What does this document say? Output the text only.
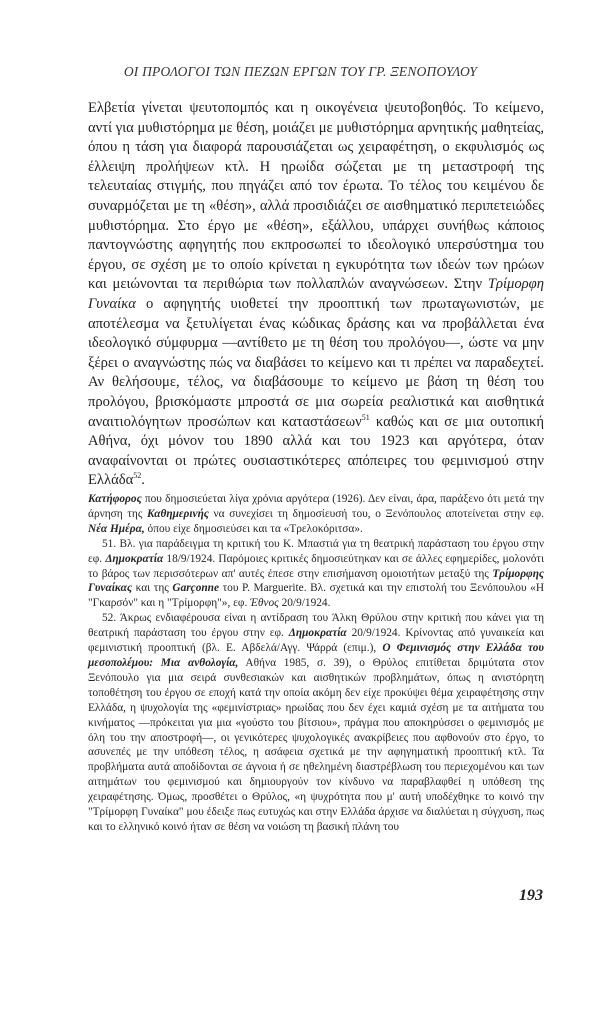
ΟΙ ΠΡΟΛΟΓΟΙ ΤΩΝ ΠΕΖΩΝ ΕΡΓΩΝ ΤΟΥ ΓΡ. ΞΕΝΟΠΟΥΛΟΥ

Ελβετία γίνεται ψευτοπομπός και η οικογένεια ψευτοβοηθός. Το κείμενο, αντί για μυθιστόρημα με θέση, μοιάζει με μυθιστόρημα αρνητικής μαθητείας, όπου η τάση για διαφορά παρουσιάζεται ως χειραφέτηση, ο εκφυλισμός ως έλλειψη προλήψεων κτλ. Η ηρωίδα σώζεται με τη μεταστροφή της τελευταίας στιγμής, που πηγάζει από τον έρωτα. Το τέλος του κειμένου δε συναρμόζεται με τη «θέση», αλλά προσιδιάζει σε αισθηματικό περιπετειώδες μυθιστόρημα. Στο έργο με «θέση», εξάλλου, υπάρχει συνήθως κάποιος παντογνώστης αφηγητής που εκπροσωπεί το ιδεολογικό υπερσύστημα του έργου, σε σχέση με το οποίο κρίνεται η εγκυρότητα των ιδεών των ηρώων και μειώνονται τα περιθώρια των πολλαπλών αναγνώσεων. Στην Τρίμορφη Γυναίκα ο αφηγητής υιοθετεί την προοπτική των πρωταγωνιστών, με αποτέλεσμα να ξετυλίγεται ένας κώδικας δράσης και να προβάλλεται ένα ιδεολογικό σύμφυρμα —αντίθετο με τη θέση του προλόγου—, ώστε να μην ξέρει ο αναγνώστης πώς να διαβάσει το κείμενο και τι πρέπει να παραδεχτεί. Αν θελήσουμε, τέλος, να διαβάσουμε το κείμενο με βάση τη θέση του προλόγου, βρισκόμαστε μπροστά σε μια σωρεία ρεαλιστικά και αισθητικά αναιτιολόγητων προσώπων και καταστάσεων$^{51}$ καθώς και σε μια ουτοπική Αθήνα, όχι μόνον του 1890 αλλά και του 1923 και αργότερα, όταν αναφαίνονται οι πρώτες ουσιαστικότερες απόπειρες του φεμινισμού στην Ελλάδα$^{52}$.

Κατήφορος που δημοσιεύεται λίγα χρόνια αργότερα (1926). Δεν είναι, άρα, παράξενο ότι μετά την άρνηση της Καθημερινής να συνεχίσει τη δημοσίευσή του, ο Ξενόπουλος αποτείνεται στην εφ. Νέα Ημέρα, όπου είχε δημοσιεύσει και τα «Τρελοκόριτσα».

51. Βλ. για παράδειγμα τη κριτική του Κ. Μπαστιά για τη θεατρική παράσταση του έργου στην εφ. Δημοκρατία 18/9/1924. Παρόμοιες κριτικές δημοσιεύτηκαν και σε άλλες εφημερίδες, μολονότι το βάρος των περισσότερων απ' αυτές έπεσε στην επισήμανση ομοιοτήτων μεταξύ της Τρίμορφης Γυναίκας και της Garçonne του P. Marguerite. Βλ. σχετικά και την επιστολή του Ξενόπουλου «Η "Γκαρσόν" και η "Τρίμορφη"», εφ. Έθνος 20/9/1924.

52. Άκρως ενδιαφέρουσα είναι η αντίδραση του Άλκη Θρύλου στην κριτική που κάνει για τη θεατρική παράσταση του έργου στην εφ. Δημοκρατία 20/9/1924. Κρίνοντας από γυναικεία και φεμινιστική προοπτική (βλ. Ε. Αβδελά/Αγγ. Ψάρρά (επιμ.), Ο Φεμινισμός στην Ελλάδα του μεσοπολέμου: Μια ανθολογία, Αθήνα 1985, σ. 39), ο Θρύλος επιτίθεται δριμύτατα στον Ξενόπουλο για μια σειρά συνθεσιακών και αισθητικών προβλημάτων, όπως η ανιστόρητη τοποθέτηση του έργου σε εποχή κατά την οποία ακόμη δεν είχε προκύψει θέμα χειραφέτησης στην Ελλάδα, η ψυχολογία της «φεμινίστριας» ηρωίδας που δεν έχει καμιά σχέση με τα αιτήματα του κινήματος —πρόκειται για μια «γούστο του βίτσιου», πράγμα που αποκηρύσσει ο φεμινισμός με όλη του την αποστροφή—, οι γενικότερες ψυχολογικές ανακρίβειες που αφθονούν στο έργο, το ασυνεπές με την υπόθεση τέλος, η ασάφεια σχετικά με την αφηγηματική προοπτική κτλ. Τα προβλήματα αυτά αποδίδονται σε άγνοια ή σε ηθελημένη διαστρέβλωση του περιεχομένου και των αιτημάτων του φεμινισμού και δημιουργούν τον κίνδυνο να παραβλαφθεί η υπόθεση της χειραφέτησης. Όμως, προσθέτει ο Θρύλος, «η ψυχρότητα που μ' αυτή υποδέχθηκε το κοινό την "Τρίμορφη Γυναίκα" μου έδειξε πως ευτυχώς και στην Ελλάδα άρχισε να διαλύεται η σύγχυση, πως και το ελληνικό κοινό ήταν σε θέση να νοιώση τη βασική πλάνη του

193
